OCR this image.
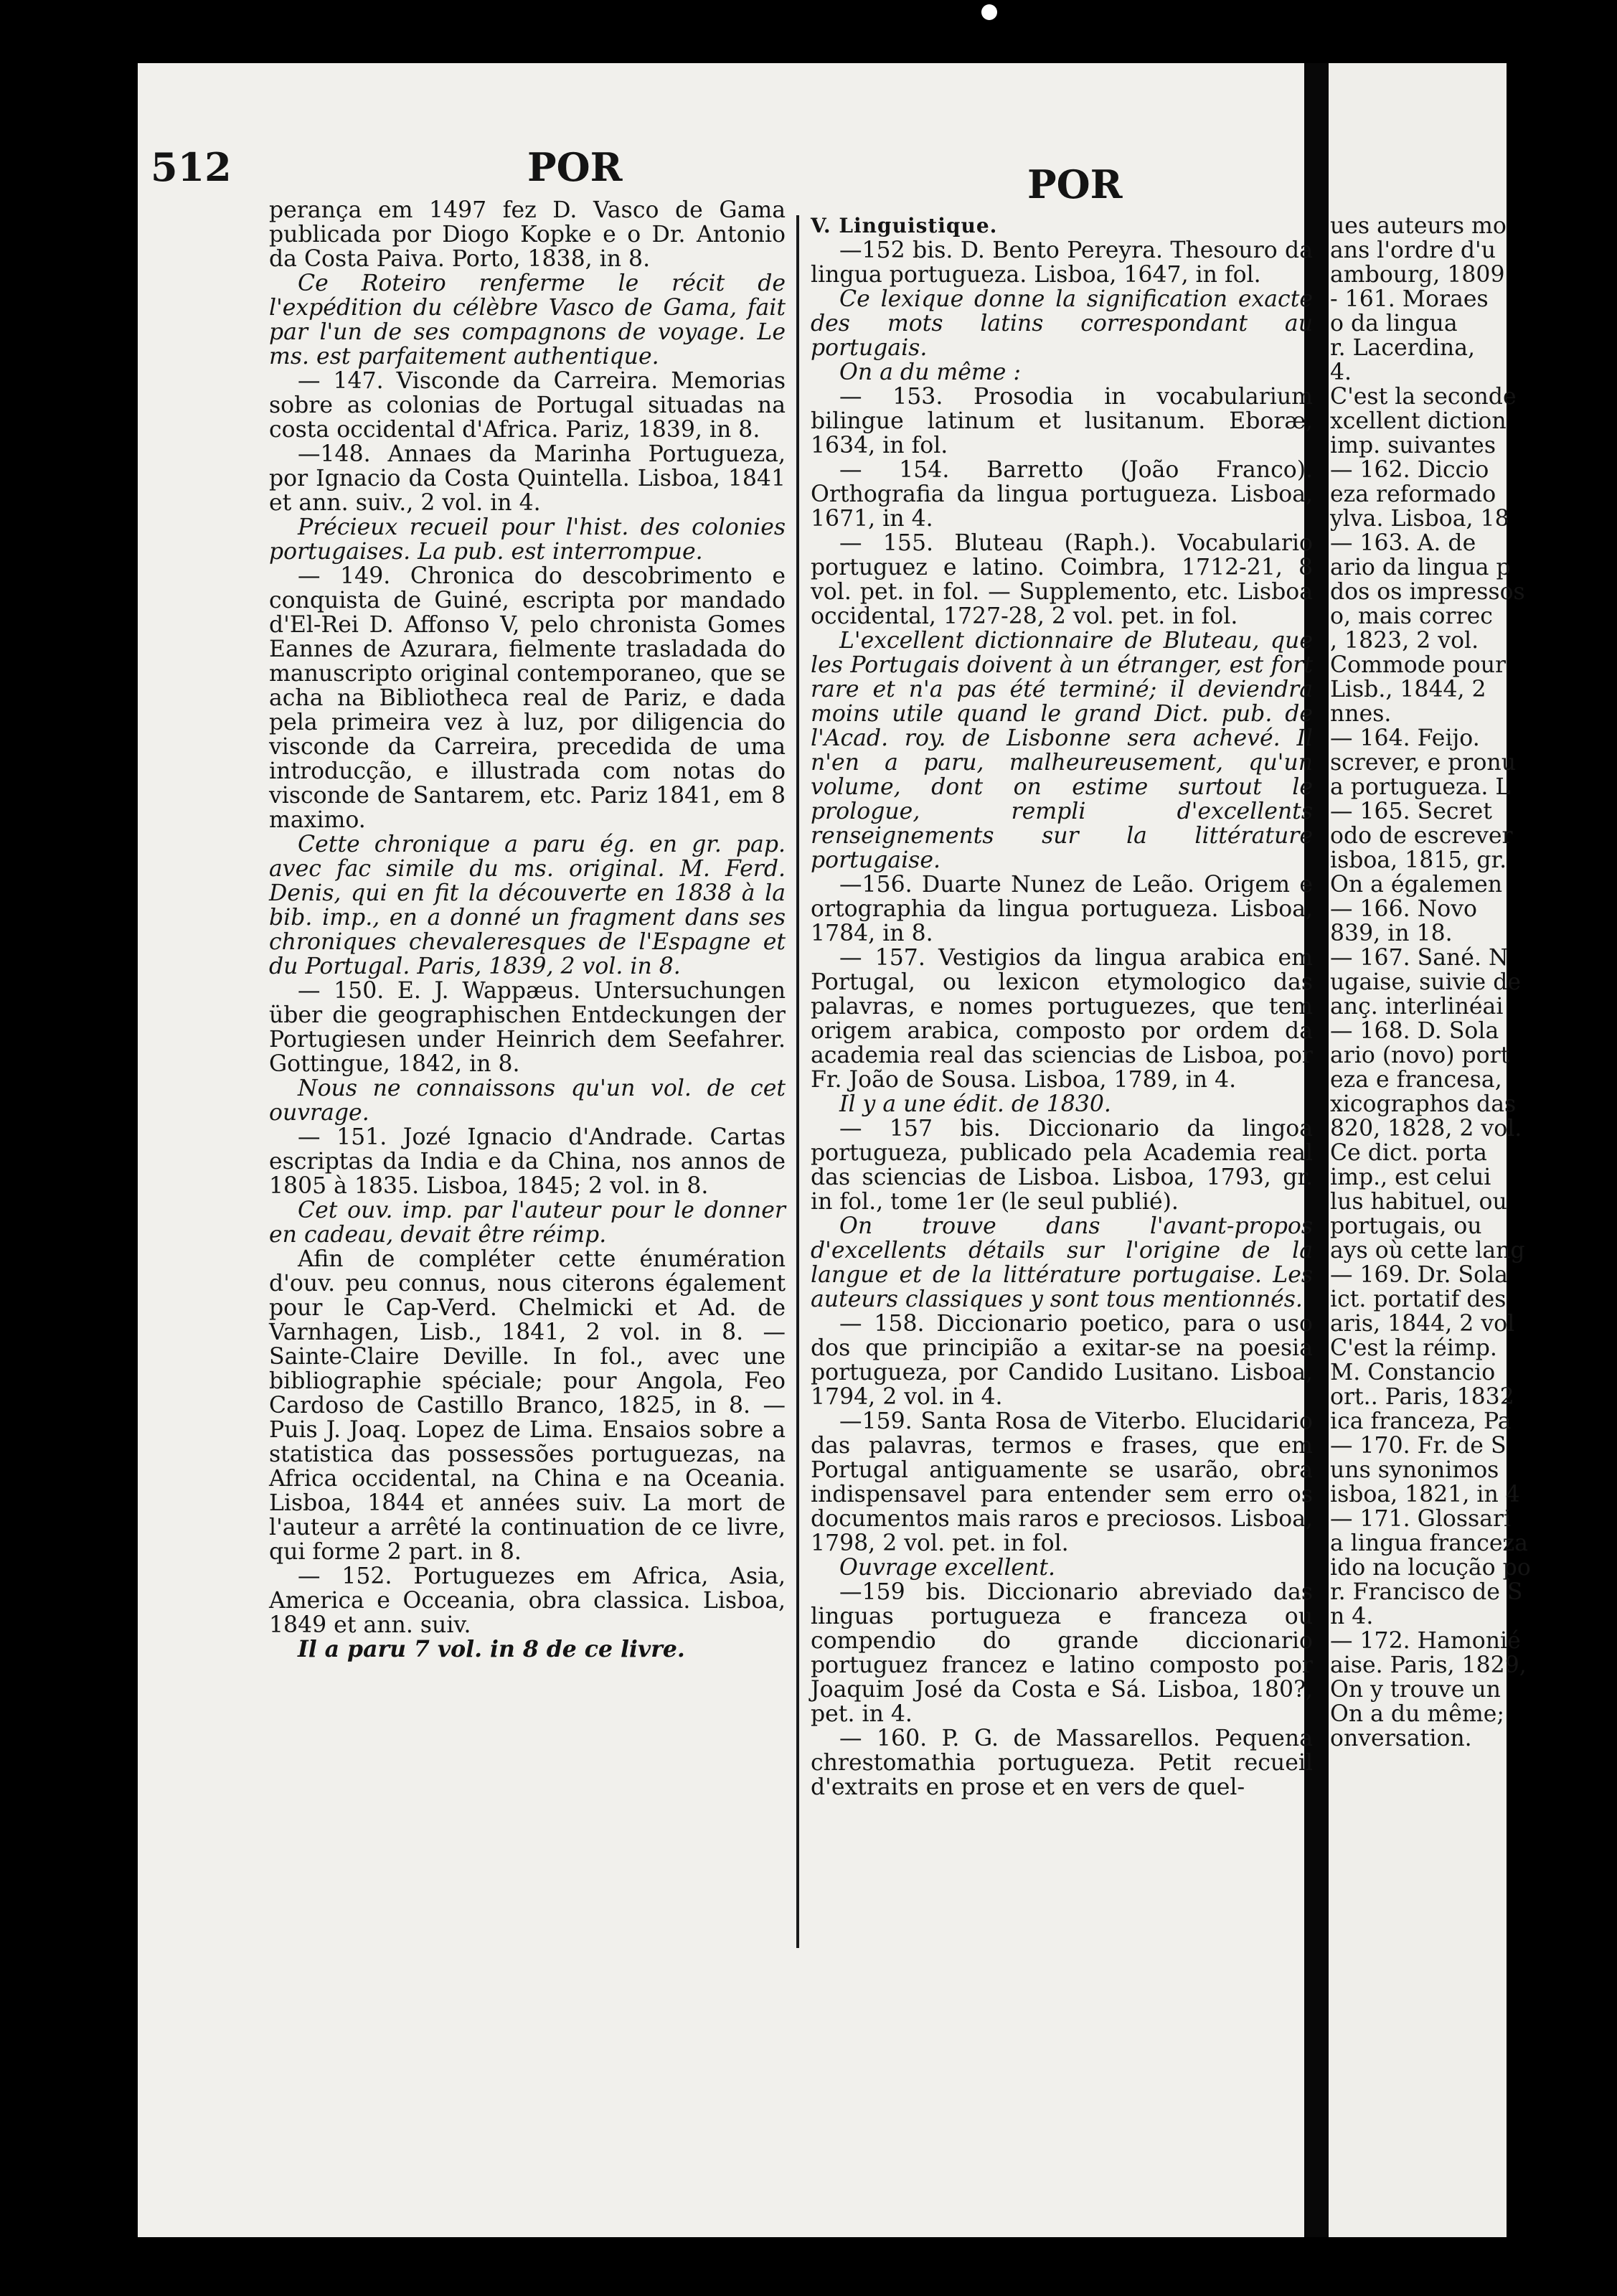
512	POR	POR

perança em 1497 fez D. Vasco de Gama publicada por Diogo Kopke e o Dr. Antonio da Costa Paiva. Porto, 1838, in 8.

Ce Roteiro renferme le récit de l'expédition du célèbre Vasco de Gama, fait par l'un de ses compagnons de voyage. Le ms. est parfaitement authentique.

— 147. Visconde da Carreira. Memorias sobre as colonias de Portugal situadas na costa occidental d'Africa. Pariz, 1839, in 8.

—148. Annaes da Marinha Portugueza, por Ignacio da Costa Quintella. Lisboa, 1841 et ann. suiv., 2 vol. in 4.

Précieux recueil pour l'hist. des colonies portugaises. La pub. est interrompue.

— 149. Chronica do descobrimento e conquista de Guiné, escripta por mandado d'El-Rei D. Affonso V, pelo chronista Gomes Eannes de Azurara, fielmente trasladada do manuscripto original contemporaneo, que se acha na Bibliotheca real de Pariz, e dada pela primeira vez à luz, por diligencia do visconde da Carreira, precedida de uma introducção, e illustrada com notas do visconde de Santarem, etc. Pariz 1841, em 8 maximo.

Cette chronique a paru ég. en gr. pap. avec fac simile du ms. original. M. Ferd. Denis, qui en fit la découverte en 1838 à la bib. imp., en a donné un fragment dans ses chroniques chevaleresques de l'Espagne et du Portugal. Paris, 1839, 2 vol. in 8.

— 150. E. J. Wappæus. Untersuchungen über die geographischen Entdeckungen der Portugiesen under Heinrich dem Seefahrer. Gottingue, 1842, in 8.

Nous ne connaissons qu'un vol. de cet ouvrage.

— 151. Jozé Ignacio d'Andrade. Cartas escriptas da India e da China, nos annos de 1805 à 1835. Lisboa, 1845; 2 vol. in 8.

Cet ouv. imp. par l'auteur pour le donner en cadeau, devait être réimp.

Afin de compléter cette énumération d'ouv. peu connus, nous citerons également pour le Cap-Verd. Chelmicki et Ad. de Varnhagen, Lisb., 1841, 2 vol. in 8. — Sainte-Claire Deville. In fol., avec une bibliographie spéciale; pour Angola, Feo Cardoso de Castillo Branco, 1825, in 8. — Puis J. Joaq. Lopez de Lima. Ensaios sobre a statistica das possessões portuguezas, na Africa occidental, na China e na Oceania. Lisboa, 1844 et années suiv. La mort de l'auteur a arrêté la continuation de ce livre, qui forme 2 part. in 8.

— 152. Portuguezes em Africa, Asia, America e Occeania, obra classica. Lisboa, 1849 et ann. suiv.

Il a paru 7 vol. in 8 de ce livre.

V. Linguistique.

—152 bis. D. Bento Pereyra. Thesouro da lingua portugueza. Lisboa, 1647, in fol.

Ce lexique donne la signification exacte des mots latins correspondant au portugais.

On a du même :

— 153. Prosodia in vocabularium bilingue latinum et lusitanum. Eboræ, 1634, in fol.

— 154. Barretto (João Franco). Orthografia da lingua portugueza. Lisboa, 1671, in 4.

— 155. Bluteau (Raph.). Vocabulario portuguez e latino. Coimbra, 1712-21, 8 vol. pet. in fol. — Supplemento, etc. Lisboa occidental, 1727-28, 2 vol. pet. in fol.

L'excellent dictionnaire de Bluteau, que les Portugais doivent à un étranger, est fort rare et n'a pas été terminé; il deviendra moins utile quand le grand Dict. pub. de l'Acad. roy. de Lisbonne sera achevé. Il n'en a paru, malheureusement, qu'un volume, dont on estime surtout le prologue, rempli d'excellents renseignements sur la littérature portugaise.

—156. Duarte Nunez de Leão. Origem e ortographia da lingua portugueza. Lisboa, 1784, in 8.

— 157. Vestigios da lingua arabica em Portugal, ou lexicon etymologico das palavras, e nomes portuguezes, que tem origem arabica, composto por ordem da academia real das sciencias de Lisboa, por Fr. João de Sousa. Lisboa, 1789, in 4.

Il y a une édit. de 1830.

— 157 bis. Diccionario da lingoa portugueza, publicado pela Academia real das sciencias de Lisboa. Lisboa, 1793, gr. in fol., tome 1er (le seul publié).

On trouve dans l'avant-propos d'excellents détails sur l'origine de la langue et de la littérature portugaise. Les auteurs classiques y sont tous mentionnés.

— 158. Diccionario poetico, para o uso dos que principião a exitar-se na poesia portugueza, por Candido Lusitano. Lisboa, 1794, 2 vol. in 4.

—159. Santa Rosa de Viterbo. Elucidario das palavras, termos e frases, que em Portugal antiguamente se usarão, obra indispensavel para entender sem erro os documentos mais raros e preciosos. Lisboa, 1798, 2 vol. pet. in fol.

Ouvrage excellent.

—159 bis. Diccionario abreviado das linguas portugueza e franceza ou compendio do grande diccionario portuguez francez e latino composto por Joaquim José da Costa e Sá. Lisboa, 180?, pet. in 4.

— 160. P. G. de Massarellos. Pequena chrestomathia portugueza. Petit recueil d'extraits en prose et en vers de quel-

ues auteurs mo

ans l'ordre d'u

ambourg, 1809

- 161. Moraes

o da lingua

r. Lacerdina,

4.

C'est la seconde

xcellent diction

imp. suivantes

— 162. Diccio

eza reformado

ylva. Lisboa, 18

— 163. A. de

ario da lingua p

dos os impressos

o, mais correc

, 1823, 2 vol.

Commode pour

Lisb., 1844, 2

nnes.

— 164. Feijo.

screver, e pronu

a portugueza. L

— 165. Secret

odo de escrever

isboa, 1815, gr.

On a égalemen

— 166. Novo

839, in 18.

— 167. Sané. N

ugaise, suivie de

anç. interlinéai

— 168. D. Sola

ario (novo) port

eza e francesa,

xicographos das

820, 1828, 2 vol.

Ce dict. porta

imp., est celui

lus habituel, ou

portugais, ou

ays où cette lang

— 169. Dr. Sola

ict. portatif des

aris, 1844, 2 vol

C'est la réimp.

M. Constancio

ort.. Paris, 1832

ica franceza, Pa

— 170. Fr. de S

uns synonimos

isboa, 1821, in 4

— 171. Glossari

a lingua franceza

ido na locução po

r. Francisco de S

n 4.

— 172. Hamonié

aise. Paris, 1829,

On y trouve un

On a du même;

onversation.
